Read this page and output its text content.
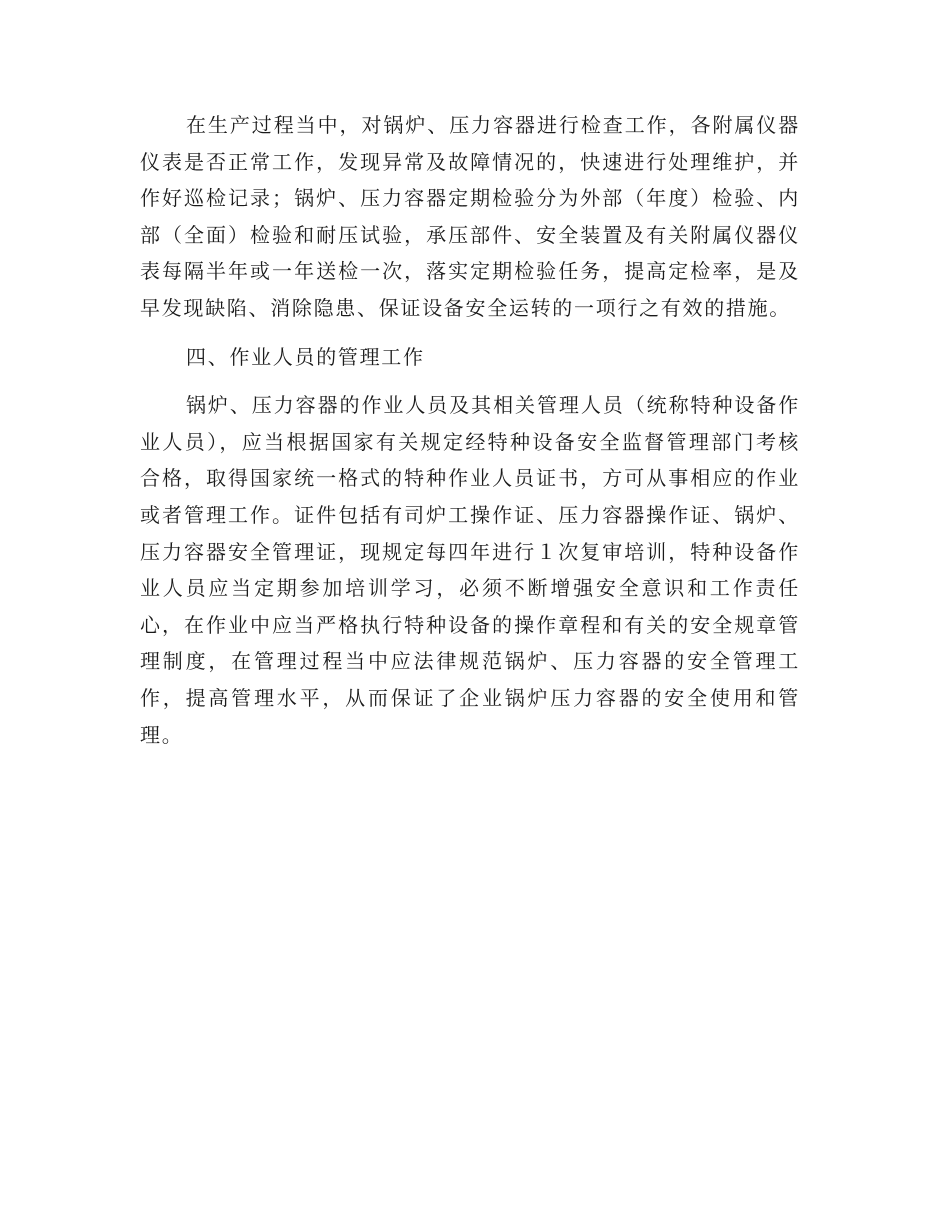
在生产过程当中，对锅炉、压力容器进行检查工作，各附属仪器仪表是否正常工作，发现异常及故障情况的，快速进行处理维护，并作好巡检记录；锅炉、压力容器定期检验分为外部（年度）检验、内部（全面）检验和耐压试验，承压部件、安全装置及有关附属仪器仪表每隔半年或一年送检一次，落实定期检验任务，提高定检率，是及早发现缺陷、消除隐患、保证设备安全运转的一项行之有效的措施。

四、作业人员的管理工作

锅炉、压力容器的作业人员及其相关管理人员（统称特种设备作业人员），应当根据国家有关规定经特种设备安全监督管理部门考核合格，取得国家统一格式的特种作业人员证书，方可从事相应的作业或者管理工作。证件包括有司炉工操作证、压力容器操作证、锅炉、压力容器安全管理证，现规定每四年进行１次复审培训，特种设备作业人员应当定期参加培训学习，必须不断增强安全意识和工作责任心，在作业中应当严格执行特种设备的操作章程和有关的安全规章管理制度，在管理过程当中应法律规范锅炉、压力容器的安全管理工作，提高管理水平，从而保证了企业锅炉压力容器的安全使用和管理。
